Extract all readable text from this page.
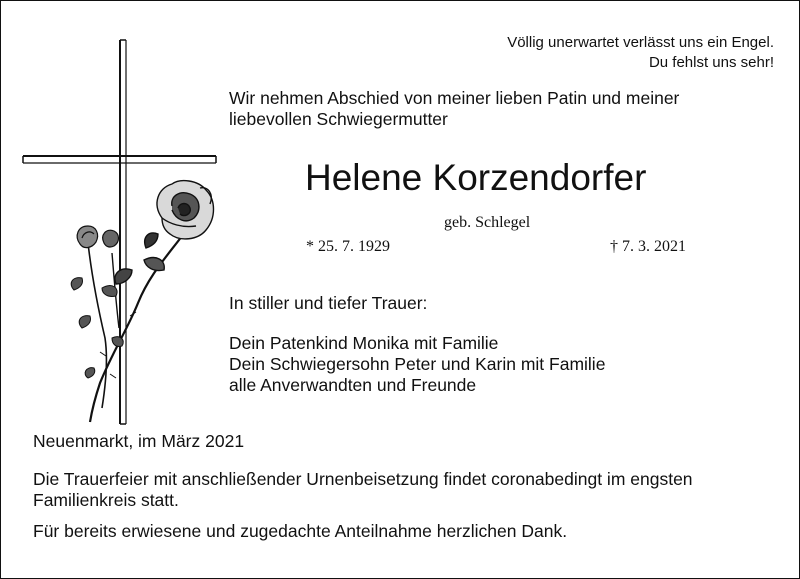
Völlig unerwartet verlässt uns ein Engel.
Du fehlst uns sehr!
Wir nehmen Abschied von meiner lieben Patin und meiner
liebevollen Schwiegermutter
Helene Korzendorfer
geb. Schlegel
* 25. 7. 1929	† 7. 3. 2021
In stiller und tiefer Trauer:
Dein Patenkind Monika mit Familie
Dein Schwiegersohn Peter und Karin mit Familie
alle Anverwandten und Freunde
Neuenmarkt, im März 2021
Die Trauerfeier mit anschließender Urnenbeisetzung findet coronabedingt im engsten
Familienkreis statt.
Für bereits erwiesene und zugedachte Anteilnahme herzlichen Dank.
